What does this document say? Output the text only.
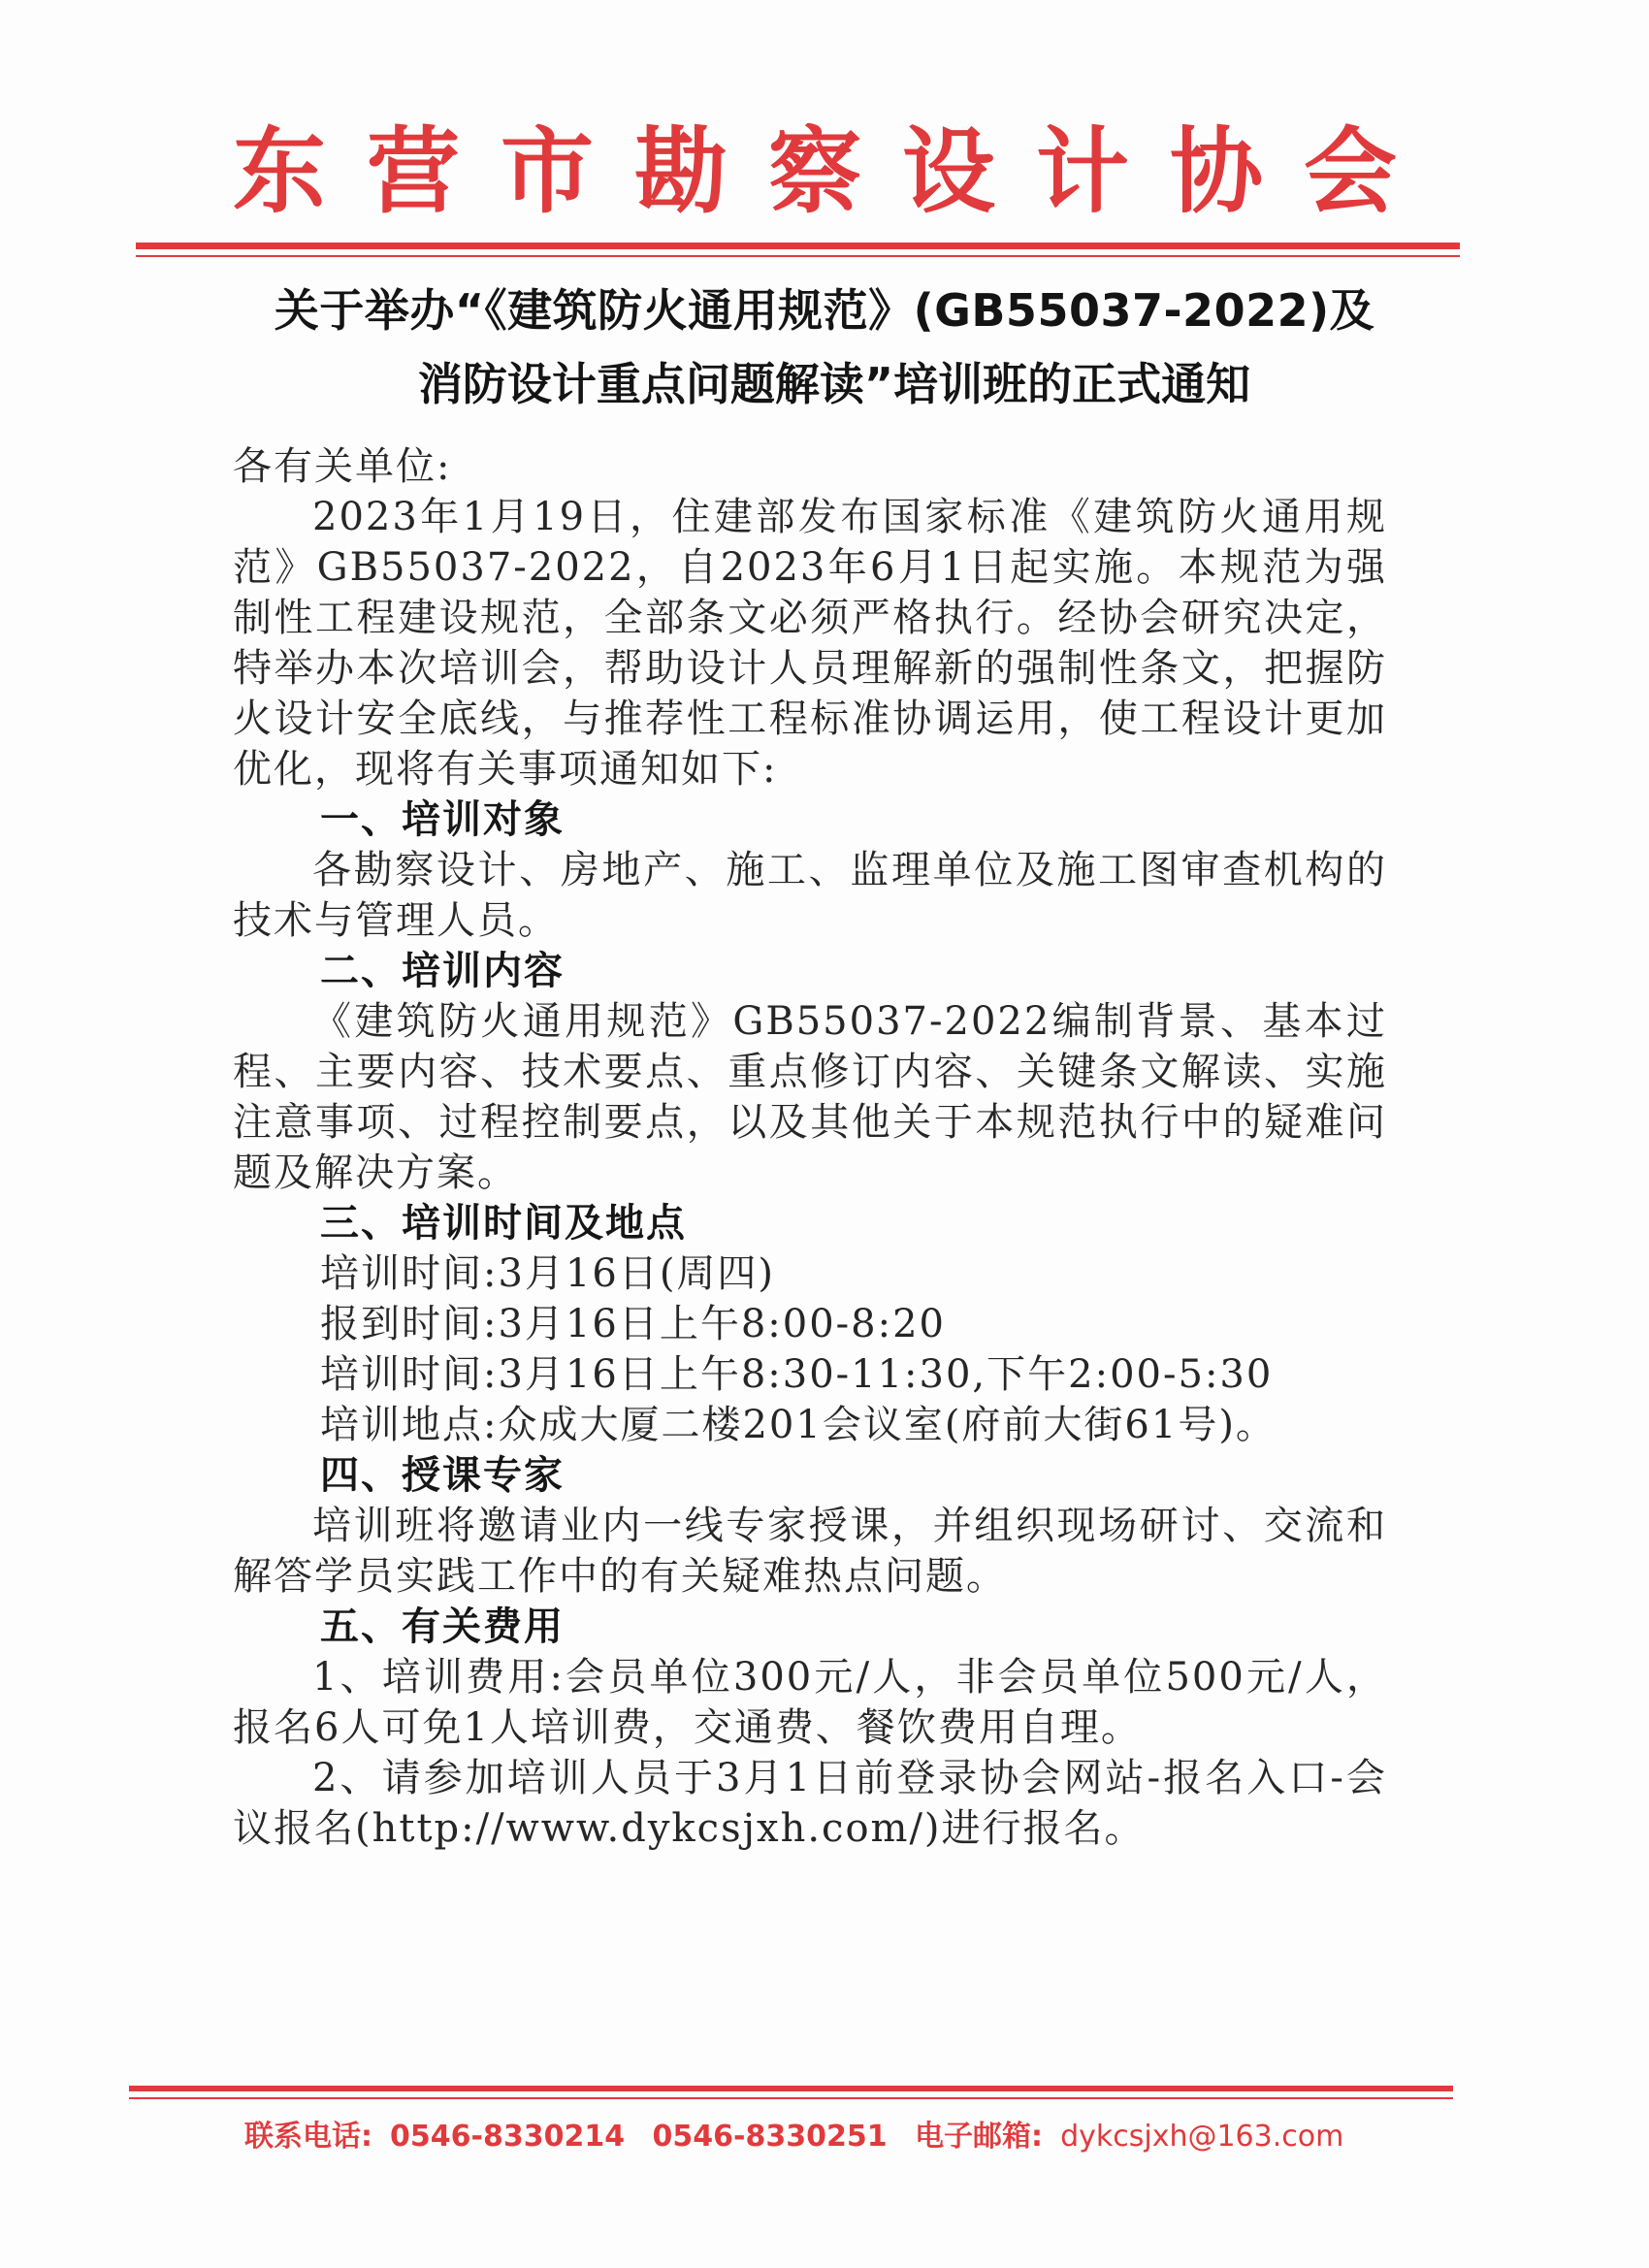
东营市勘察设计协会
关于举办“《建筑防火通用规范》(GB55037-2022)及
消防设计重点问题解读”培训班的正式通知

各有关单位:

2023年1月19日，住建部发布国家标准《建筑防火通用规范》GB55037-2022，自2023年6月1日起实施。本规范为强制性工程建设规范，全部条文必须严格执行。经协会研究决定，特举办本次培训会，帮助设计人员理解新的强制性条文，把握防火设计安全底线，与推荐性工程标准协调运用，使工程设计更加优化，现将有关事项通知如下:

一、培训对象

各勘察设计、房地产、施工、监理单位及施工图审查机构的技术与管理人员。

二、培训内容

《建筑防火通用规范》GB55037-2022编制背景、基本过程、主要内容、技术要点、重点修订内容、关键条文解读、实施注意事项、过程控制要点，以及其他关于本规范执行中的疑难问题及解决方案。

三、培训时间及地点

培训时间:3月16日(周四)

报到时间:3月16日上午8:00-8:20

培训时间:3月16日上午8:30-11:30,下午2:00-5:30

培训地点:众成大厦二楼201会议室(府前大街61号)。

四、授课专家

培训班将邀请业内一线专家授课，并组织现场研讨、交流和解答学员实践工作中的有关疑难热点问题。

五、有关费用

1、培训费用:会员单位300元/人，非会员单位500元/人，报名6人可免1人培训费，交通费、餐饮费用自理。

2、请参加培训人员于3月1日前登录协会网站-报名入口-会议报名(http://www.dykcsjxh.com/)进行报名。

联系电话: 0546-8330214 0546-8330251 电子邮箱: dykcsjxh@163.com
